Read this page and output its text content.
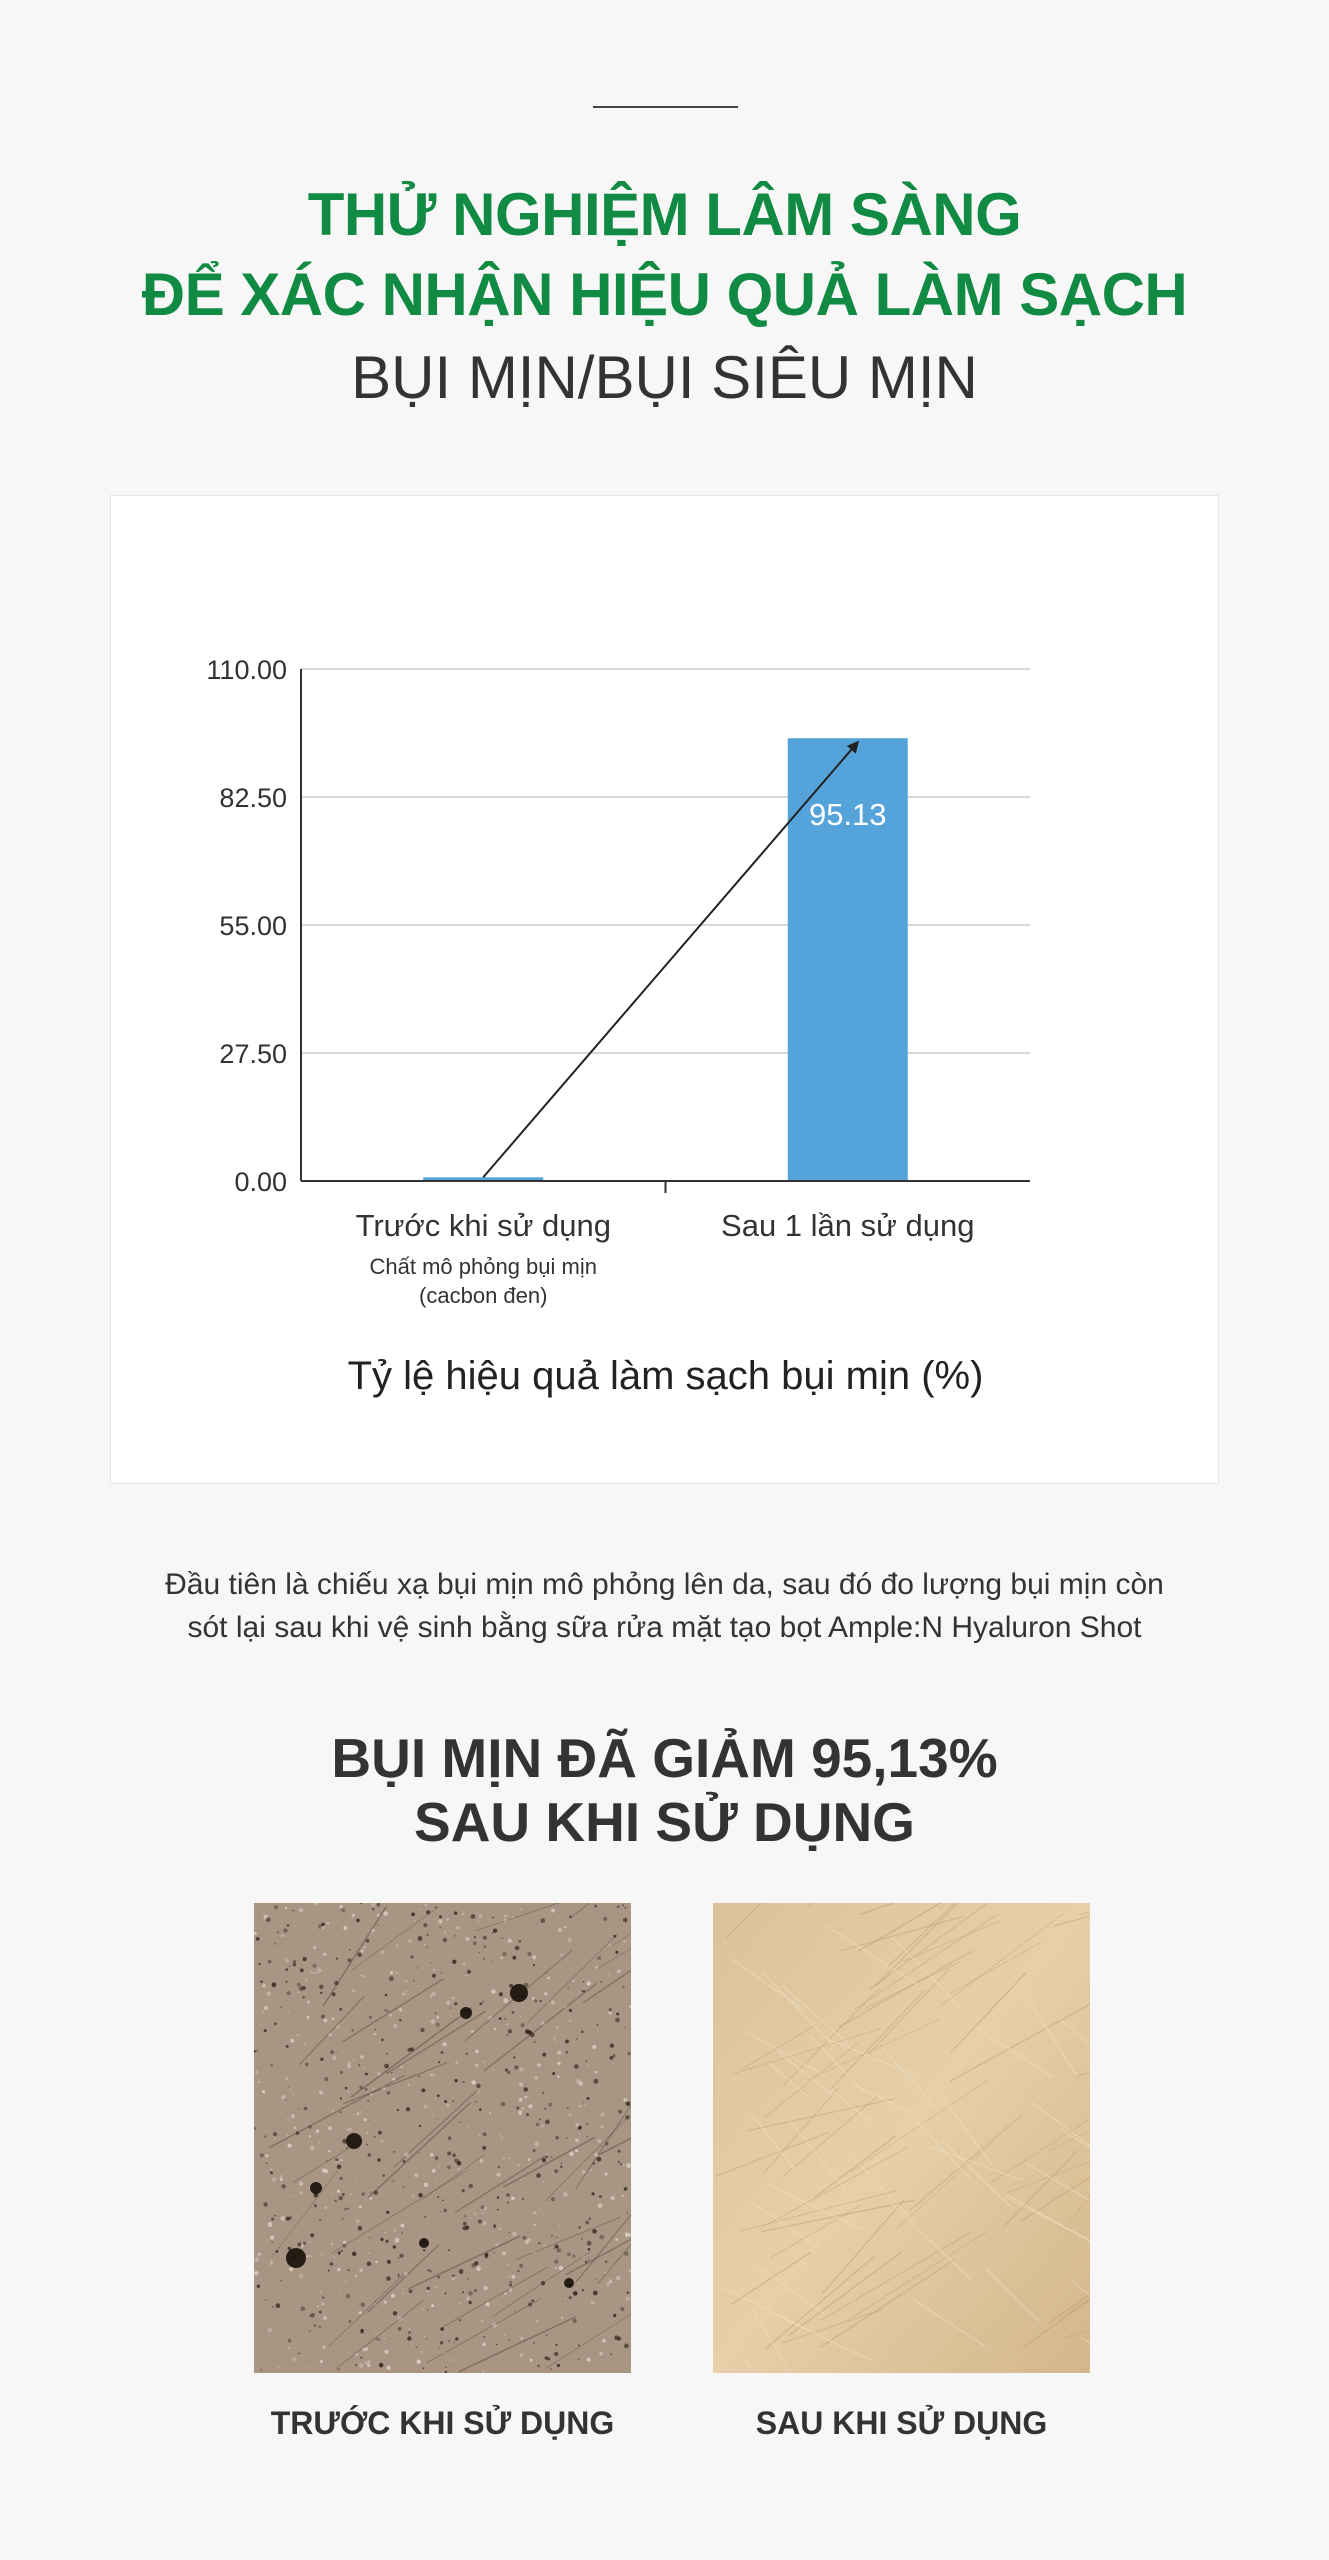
THỬ NGHIỆM LÂM SÀNG
ĐỂ XÁC NHẬN HIỆU QUẢ LÀM SẠCH
BỤI MỊN/BỤI SIÊU MỊN
0.00
27.50
55.00
82.50
110.00
95.13
Trước khi sử dụng	Sau 1 lần sử dụng
Chất mô phỏng bụi mịn
(cacbon đen)
Tỷ lệ hiệu quả làm sạch bụi mịn (%)
Đầu tiên là chiếu xạ bụi mịn mô phỏng lên da, sau đó đo lượng bụi mịn còn
sót lại sau khi vệ sinh bằng sữa rửa mặt tạo bọt Ample:N Hyaluron Shot
BỤI MỊN ĐÃ GIẢM 95,13%
SAU KHI SỬ DỤNG
TRƯỚC KHI SỬ DỤNG	SAU KHI SỬ DỤNG
